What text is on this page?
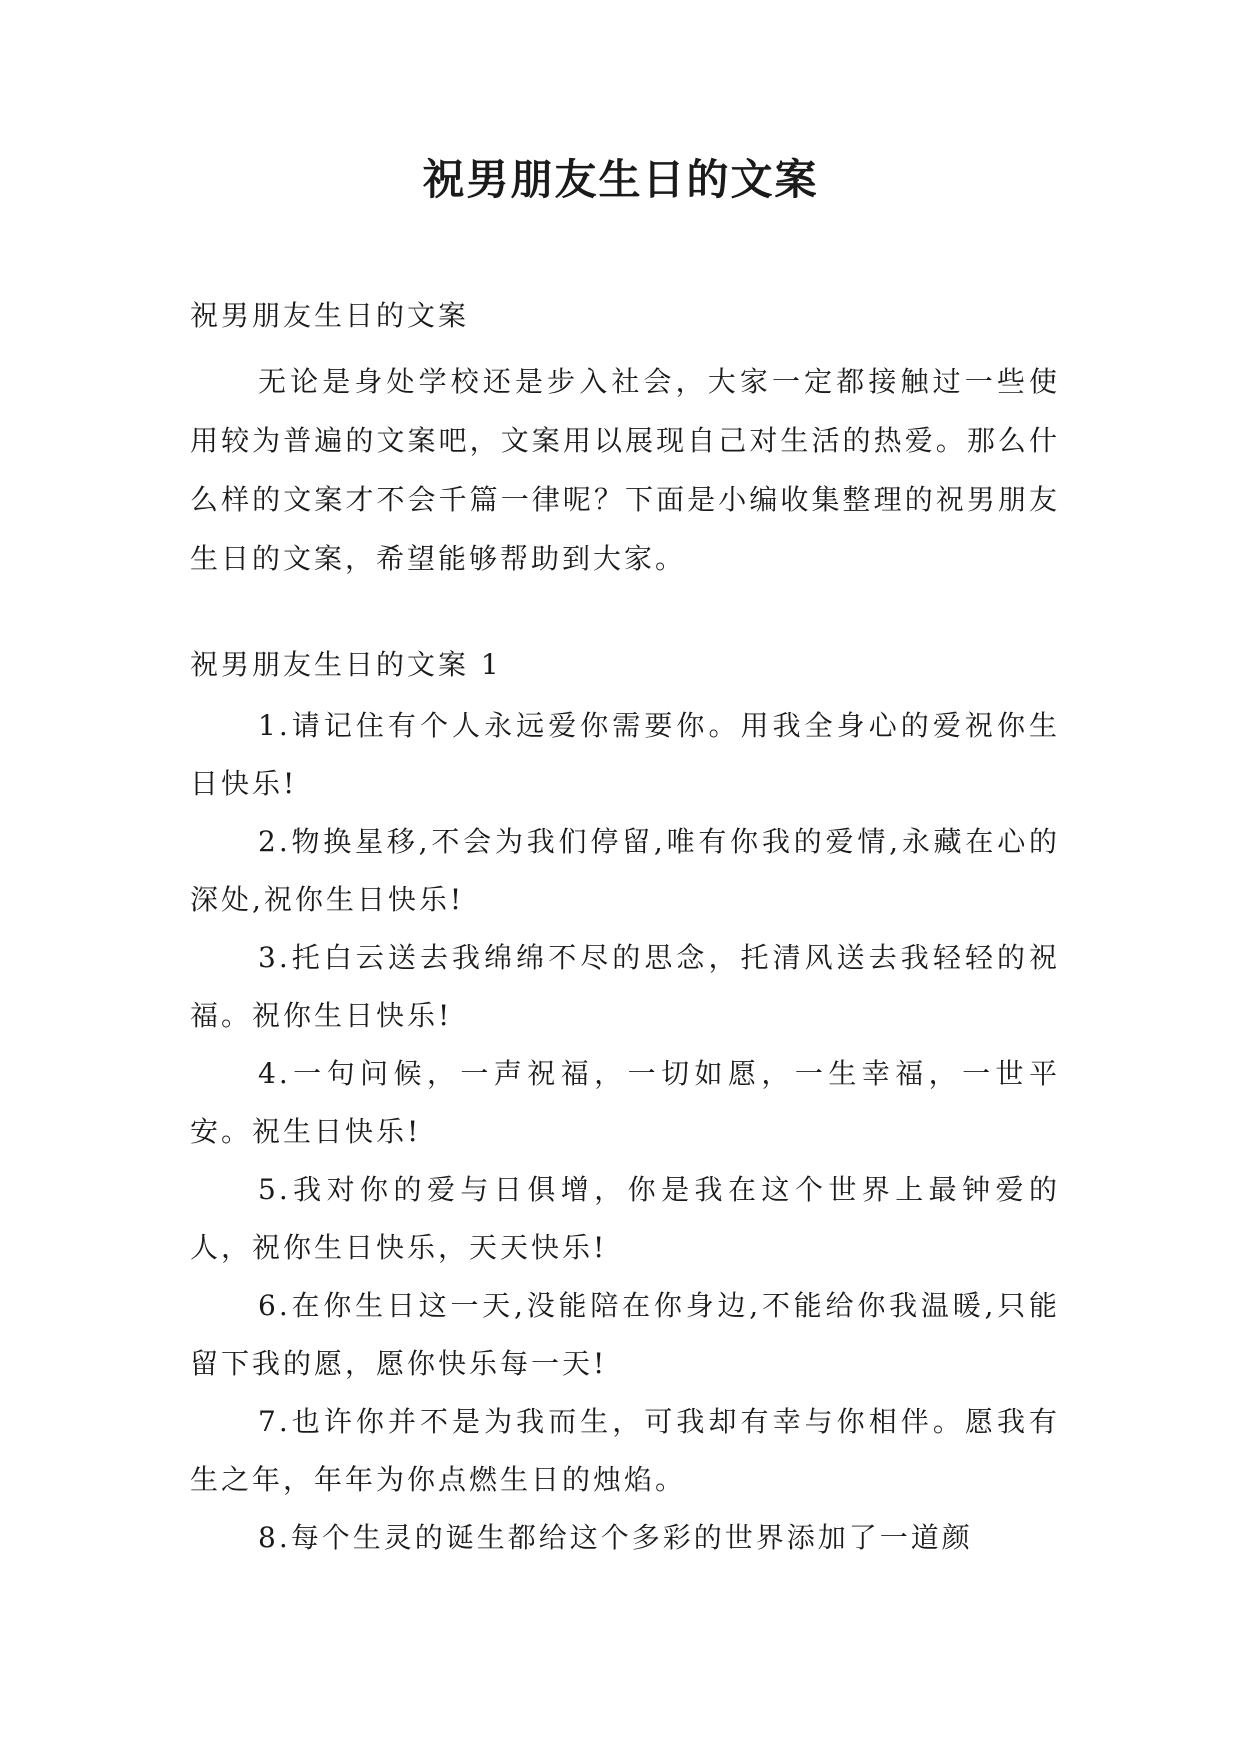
祝男朋友生日的文案

祝男朋友生日的文案

无论是身处学校还是步入社会，大家一定都接触过一些使用较为普遍的文案吧，文案用以展现自己对生活的热爱。那么什么样的文案才不会千篇一律呢？下面是小编收集整理的祝男朋友生日的文案，希望能够帮助到大家。

祝男朋友生日的文案 1

1.请记住有个人永远爱你需要你。用我全身心的爱祝你生日快乐!
2.物换星移,不会为我们停留,唯有你我的爱情,永藏在心的深处,祝你生日快乐!
3.托白云送去我绵绵不尽的思念，托清风送去我轻轻的祝福。祝你生日快乐!
4.一句问候，一声祝福，一切如愿，一生幸福，一世平安。祝生日快乐!
5.我对你的爱与日俱增，你是我在这个世界上最钟爱的人，祝你生日快乐，天天快乐!
6.在你生日这一天,没能陪在你身边,不能给你我温暖,只能留下我的愿，愿你快乐每一天!
7.也许你并不是为我而生，可我却有幸与你相伴。愿我有生之年，年年为你点燃生日的烛焰。
8.每个生灵的诞生都给这个多彩的世界添加了一道颜
